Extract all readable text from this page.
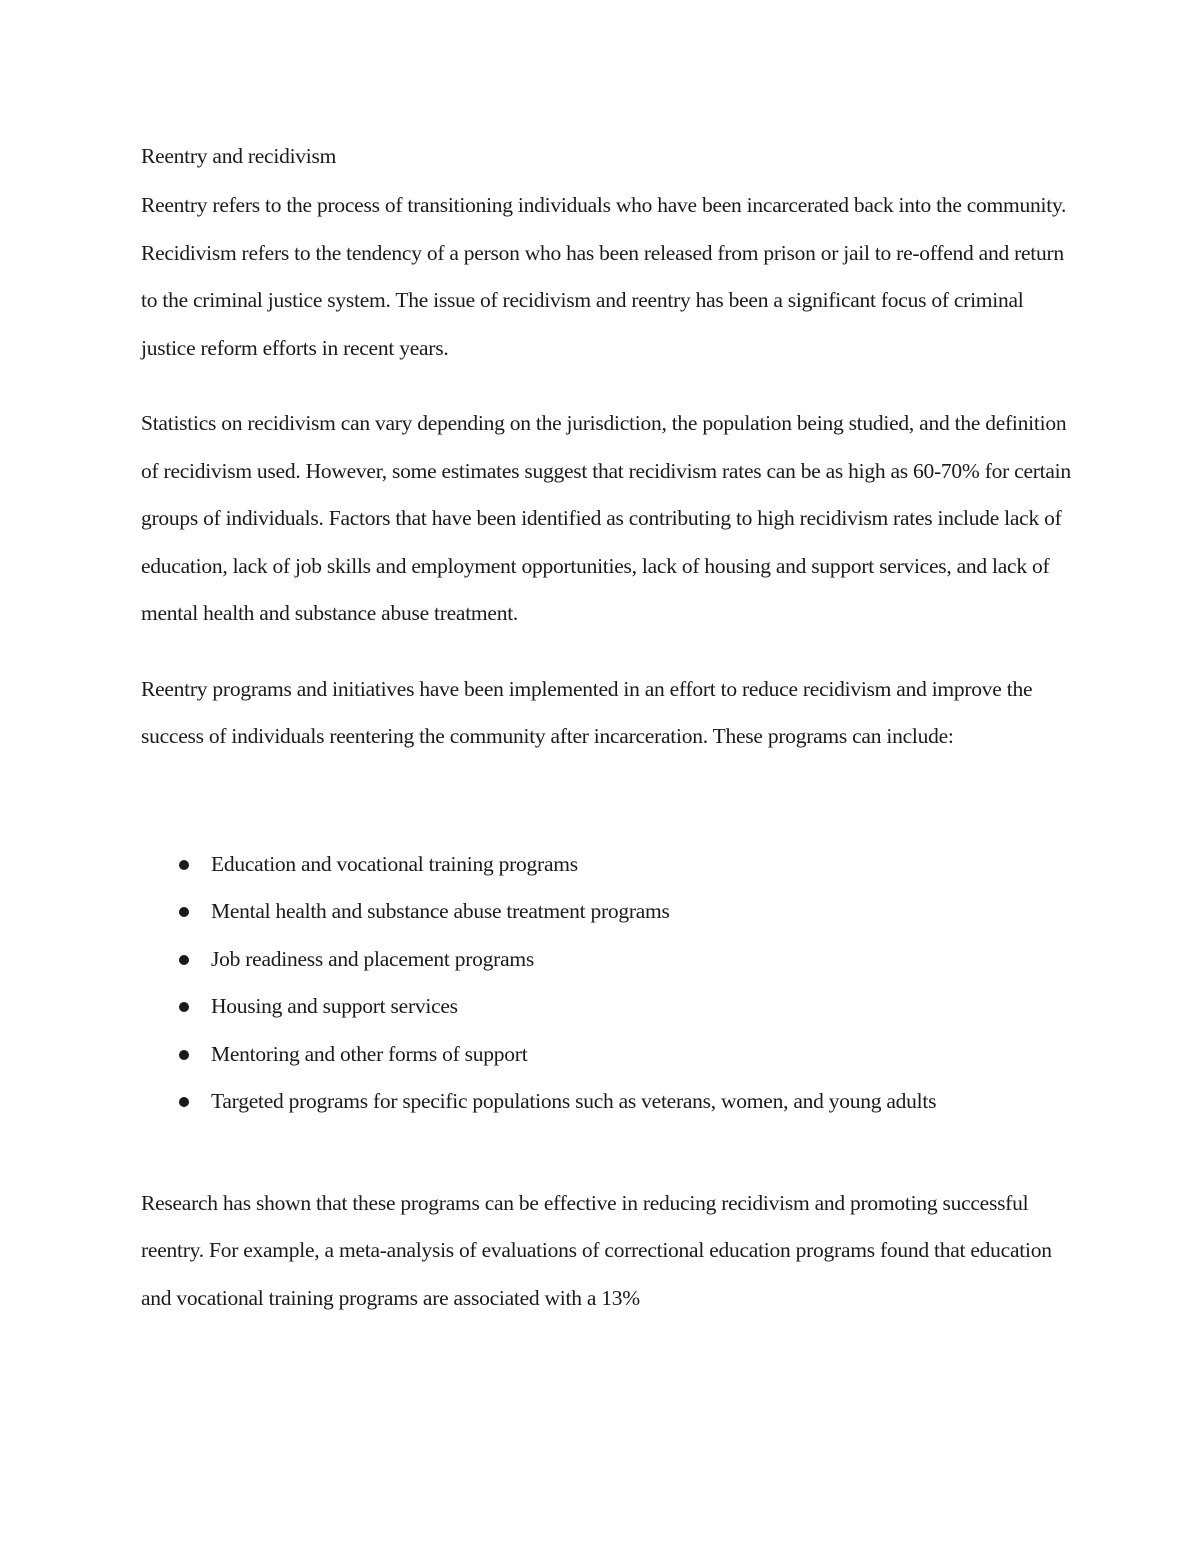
Reentry and recidivism

Reentry refers to the process of transitioning individuals who have been incarcerated back into the community. Recidivism refers to the tendency of a person who has been released from prison or jail to re-offend and return to the criminal justice system. The issue of recidivism and reentry has been a significant focus of criminal justice reform efforts in recent years.

Statistics on recidivism can vary depending on the jurisdiction, the population being studied, and the definition of recidivism used. However, some estimates suggest that recidivism rates can be as high as 60-70% for certain groups of individuals. Factors that have been identified as contributing to high recidivism rates include lack of education, lack of job skills and employment opportunities, lack of housing and support services, and lack of mental health and substance abuse treatment.

Reentry programs and initiatives have been implemented in an effort to reduce recidivism and improve the success of individuals reentering the community after incarceration. These programs can include:

Education and vocational training programs
Mental health and substance abuse treatment programs
Job readiness and placement programs
Housing and support services
Mentoring and other forms of support
Targeted programs for specific populations such as veterans, women, and young adults

Research has shown that these programs can be effective in reducing recidivism and promoting successful reentry. For example, a meta-analysis of evaluations of correctional education programs found that education and vocational training programs are associated with a 13%
